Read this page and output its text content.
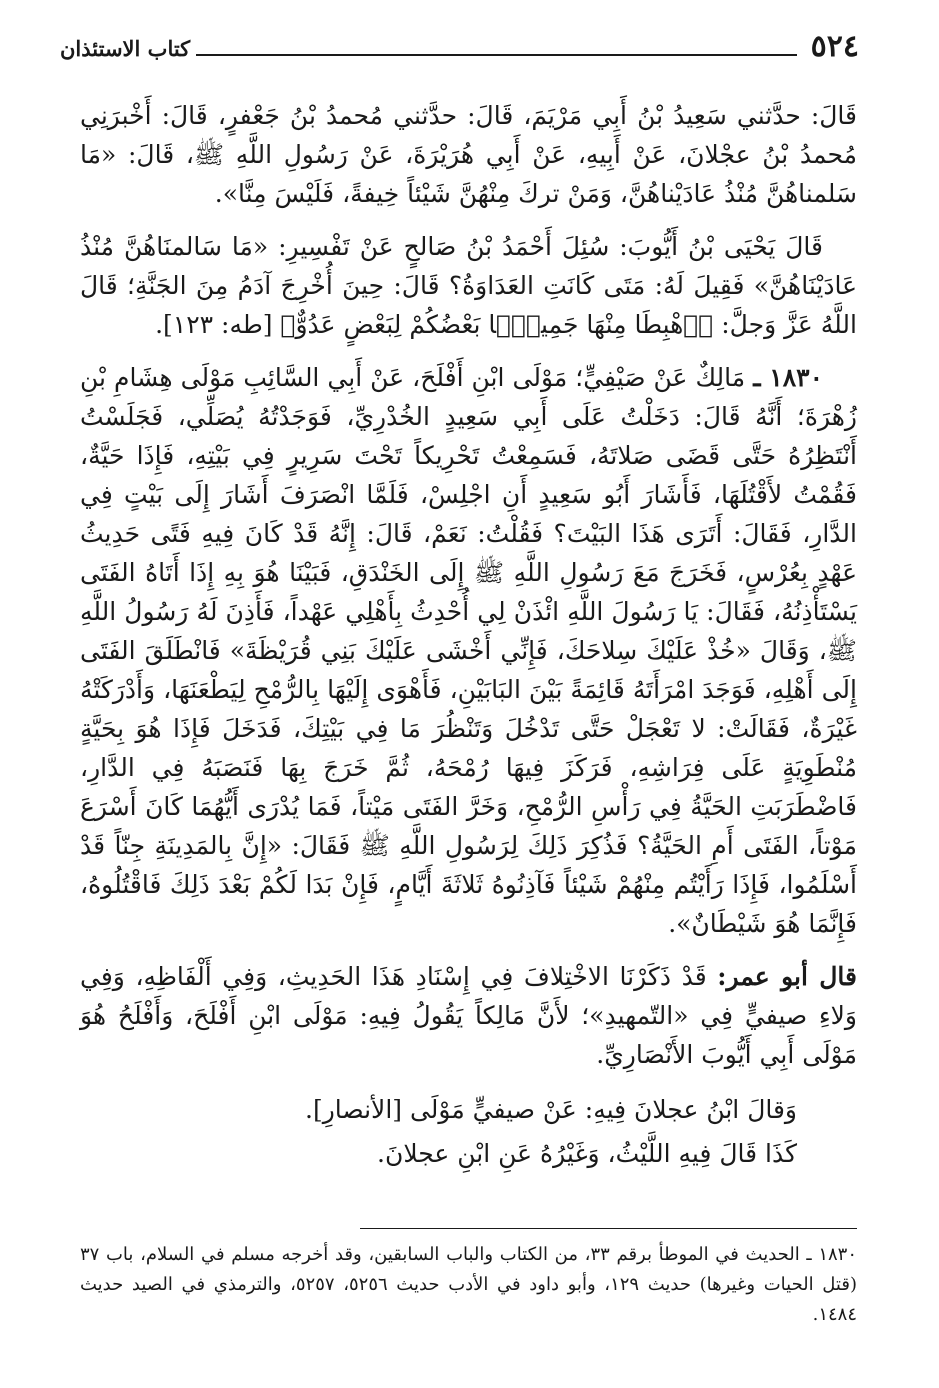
٥٢٤
كتاب الاستئذان

قَالَ: حدَّثني سَعِيدُ بْنُ أَبِي مَرْيَمَ، قَالَ: حدَّثني مُحمدُ بْنُ جَعْفرٍ، قَالَ: أَخْبرَنِي مُحمدُ بْنُ عجْلانَ، عَنْ أَبِيهِ، عَنْ أَبِي هُرَيْرَةَ، عَنْ رَسُولِ اللَّهِ ﷺ، قَالَ: «مَا سَلمناهُنَّ مُنْذُ عَادَيْناهُنَّ، وَمَنْ تركَ مِنْهُنَّ شَيْئاً خِيفةً، فَلَيْسَ مِنَّا».

قَالَ يَحْيَى بْنُ أَيُّوبَ: سُئِلَ أَحْمَدُ بْنُ صَالحٍ عَنْ تَفْسِيرِ: «مَا سَالمنَاهُنَّ مُنْذُ عَادَيْنَاهُنَّ» فَقِيلَ لَهُ: مَتَى كَانَتِ العَدَاوَةُ؟ قَالَ: حِينَ أُخْرِجَ آدَمُ مِنَ الجَنَّةِ؛ قَالَ اللَّهُ عَزَّ وَجلَّ: ﴿ٱهْبِطَا مِنْهَا جَمِيعًۢا بَعْضُكُمْ لِبَعْضٍ عَدُوٌّ﴾ [طه: ١٢٣].

١٨٣٠ ـ مَالِكٌ عَنْ صَيْفِيٍّ؛ مَوْلَى ابْنِ أَفْلَحَ، عَنْ أَبِي السَّائِبِ مَوْلَى هِشَامِ بْنِ زُهْرَةَ؛ أَنَّهُ قَالَ: دَخَلْتُ عَلَى أَبِي سَعِيدٍ الخُدْرِيِّ، فَوَجَدْتُهُ يُصَلِّي، فَجَلَسْتُ أَنْتَظِرُهُ حَتَّى قَضَى صَلاتَهُ، فَسَمِعْتُ تَحْرِيكاً تَحْتَ سَرِيرٍ فِي بَيْتِهِ، فَإِذَا حَيَّةٌ، فَقُمْتُ لأَقْتُلَهَا، فَأَشَارَ أَبُو سَعِيدٍ أَنِ اجْلِسْ، فَلَمَّا انْصَرَفَ أَشَارَ إِلَى بَيْتٍ فِي الدَّارِ، فَقَالَ: أَتَرَى هَذَا البَيْتَ؟ فَقُلْتُ: نَعَمْ، قَالَ: إِنَّهُ قَدْ كَانَ فِيهِ فَتًى حَدِيثُ عَهْدٍ بِعُرْسٍ، فَخَرَجَ مَعَ رَسُولِ اللَّهِ ﷺ إِلَى الخَنْدَقِ، فَبَيْنَا هُوَ بِهِ إِذَا أَتَاهُ الفَتَى يَسْتَأْذِنُهُ، فَقَالَ: يَا رَسُولَ اللَّهِ ائْذَنْ لِي أُحْدِثُ بِأَهْلِي عَهْداً، فَأَذِنَ لَهُ رَسُولُ اللَّهِ ﷺ، وَقَالَ «خُذْ عَلَيْكَ سِلاحَكَ، فَإِنِّي أَخْشَى عَلَيْكَ بَنِي قُرَيْظَةَ» فَانْطَلَقَ الفَتَى إِلَى أَهْلِهِ، فَوَجَدَ امْرَأَتَهُ قَائِمَةً بَيْنَ البَابَيْنِ، فَأَهْوَى إِلَيْهَا بِالرُّمْحِ لِيَطْعَنَهَا، وَأَدْرَكَتْهُ غَيْرَةٌ، فَقَالَتْ: لا تَعْجَلْ حَتَّى تَدْخُلَ وَتَنْظُرَ مَا فِي بَيْتِكَ، فَدَخَلَ فَإِذَا هُوَ بِحَيَّةٍ مُنْطَوِيَةٍ عَلَى فِرَاشِهِ، فَرَكَزَ فِيهَا رُمْحَهُ، ثُمَّ خَرَجَ بِهَا فَنَصَبَهُ فِي الدَّارِ، فَاضْطَرَبَتِ الحَيَّةُ فِي رَأْسِ الرُّمْحِ، وَخَرَّ الفَتَى مَيْتاً، فَمَا يُدْرَى أَيُّهُمَا كَانَ أَسْرَعَ مَوْتاً، الفَتَى أَمِ الحَيَّةُ؟ فَذُكِرَ ذَلِكَ لِرَسُولِ اللَّهِ ﷺ فَقَالَ: «إِنَّ بِالمَدِينَةِ جِنّاً قَدْ أَسْلَمُوا، فَإِذَا رَأَيْتُم مِنْهُمْ شَيْئاً فَآذِنُوهُ ثَلاثَةَ أَيَّامٍ، فَإِنْ بَدَا لَكُمْ بَعْدَ ذَلِكَ فَاقْتُلُوهُ، فَإِنَّمَا هُوَ شَيْطَانٌ».

قال أبو عمر: قَدْ ذَكَرْنَا الاخْتِلافَ فِي إِسْنَادِ هَذَا الحَدِيثِ، وَفِي أَلْفَاظِهِ، وَفِي وَلاءِ صيفيٍّ فِي «التّمهيدِ»؛ لأَنَّ مَالِكاً يَقُولُ فِيهِ: مَوْلَى ابْنِ أَفْلَحَ، وَأَفْلَحُ هُوَ مَوْلَى أَبِي أَيُّوبَ الأَنْصَارِيِّ.

وَقالَ ابْنُ عجلانَ فِيهِ: عَنْ صيفيٍّ مَوْلَى [الأنصارِ].
كَذَا قَالَ فِيهِ اللَّيْثُ، وَغَيْرُهُ عَنِ ابْنِ عجلانَ.
١٨٣٠ ـ الحديث في الموطأ برقم ٣٣، من الكتاب والباب السابقين، وقد أخرجه مسلم في السلام، باب ٣٧ (قتل الحيات وغيرها) حديث ١٢٩، وأبو داود في الأدب حديث ٥٢٥٦، ٥٢٥٧، والترمذي في الصيد حديث ١٤٨٤.
